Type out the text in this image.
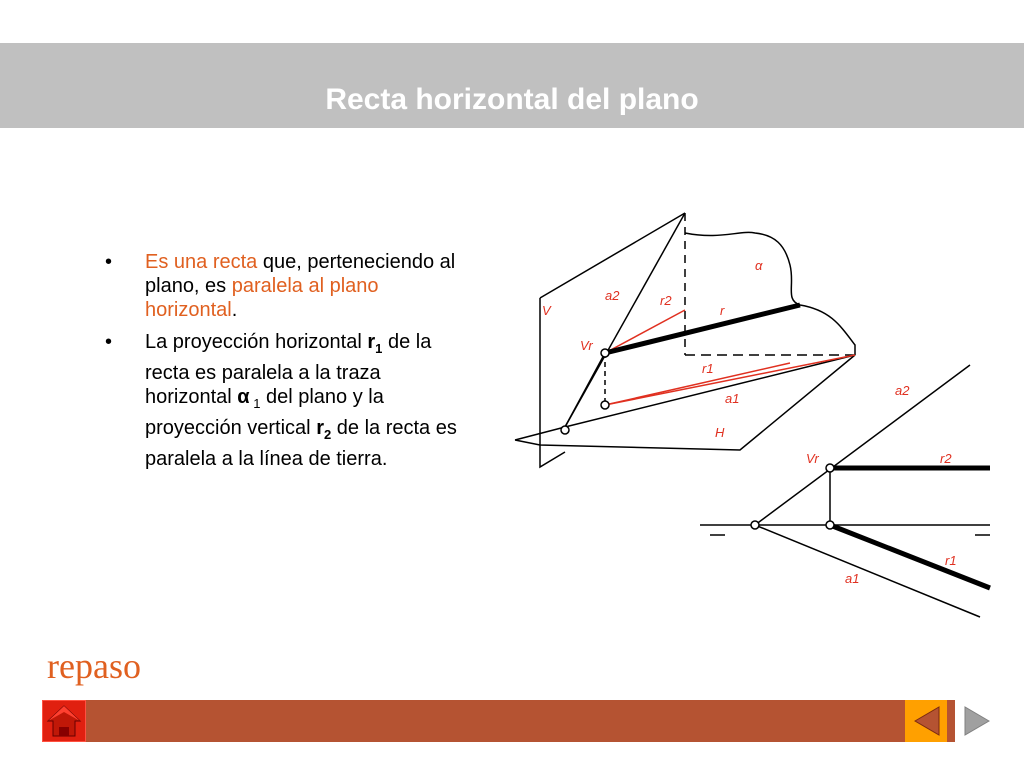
Recta horizontal del plano
• Es una recta que, perteneciendo al plano, es paralela al plano horizontal.
• La proyección horizontal $r_1$ de la recta es paralela a la traza horizontal α $_1$ del plano y la proyección vertical $r_2$ de la recta es paralela a la línea de tierra.
V
a2	r2
r
α
Vr
r1
a1
H
a2
Vr	r2
r1
a1

repaso
